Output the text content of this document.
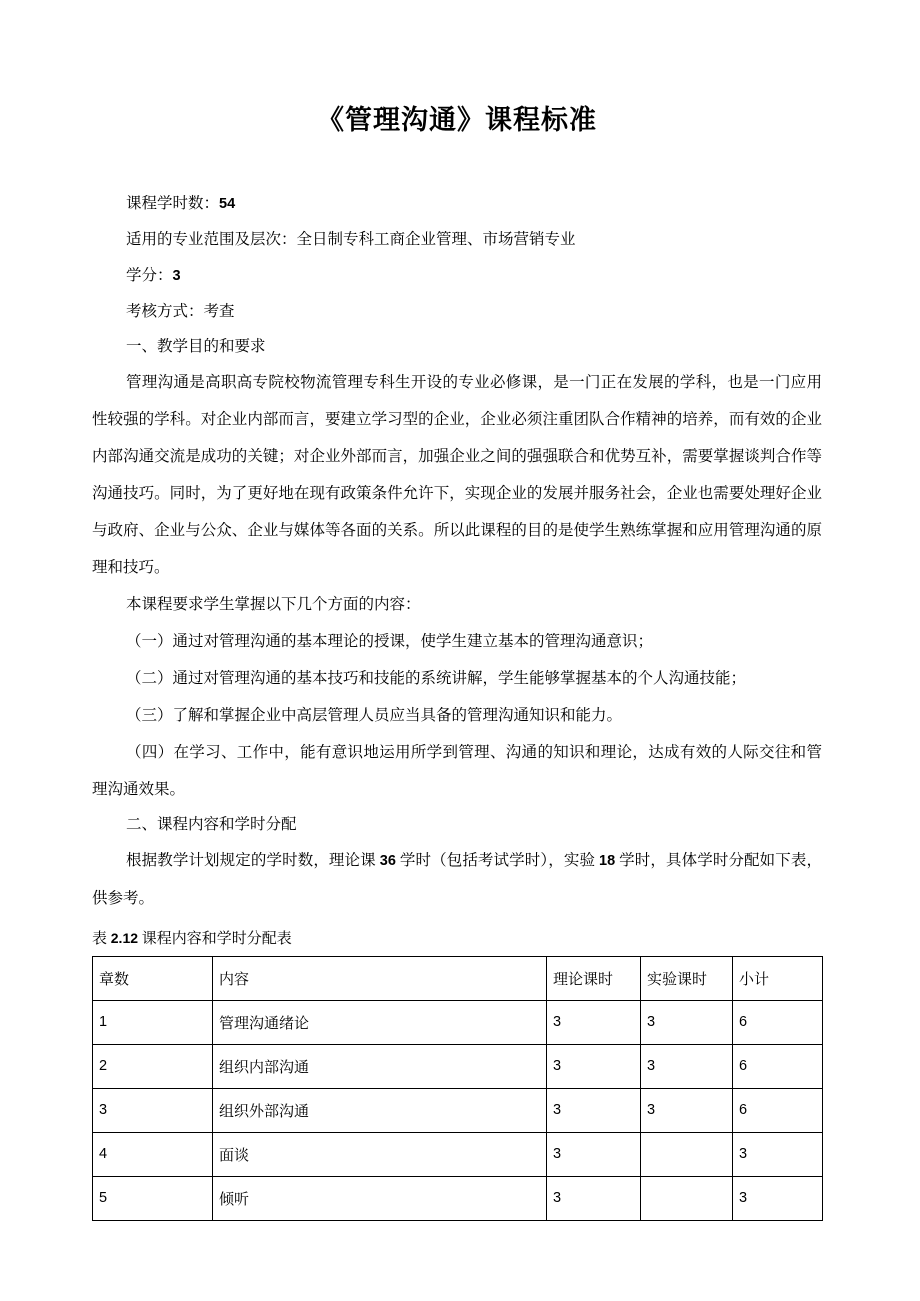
《管理沟通》课程标准
课程学时数：54
适用的专业范围及层次：全日制专科工商企业管理、市场营销专业
学分：3
考核方式：考查
一、教学目的和要求

管理沟通是高职高专院校物流管理专科生开设的专业必修课，是一门正在发展的学科，也是一门应用性较强的学科。对企业内部而言，要建立学习型的企业，企业必须注重团队合作精神的培养，而有效的企业内部沟通交流是成功的关键；对企业外部而言，加强企业之间的强强联合和优势互补，需要掌握谈判合作等沟通技巧。同时，为了更好地在现有政策条件允许下，实现企业的发展并服务社会，企业也需要处理好企业与政府、企业与公众、企业与媒体等各面的关系。所以此课程的目的是使学生熟练掌握和应用管理沟通的原理和技巧。

本课程要求学生掌握以下几个方面的内容：

（一）通过对管理沟通的基本理论的授课，使学生建立基本的管理沟通意识；

（二）通过对管理沟通的基本技巧和技能的系统讲解，学生能够掌握基本的个人沟通技能；

（三）了解和掌握企业中高层管理人员应当具备的管理沟通知识和能力。

（四）在学习、工作中，能有意识地运用所学到管理、沟通的知识和理论，达成有效的人际交往和管理沟通效果。

二、课程内容和学时分配

根据教学计划规定的学时数，理论课 36 学时（包括考试学时），实验 18 学时，具体学时分配如下表，供参考。

表 2.12 课程内容和学时分配表
章数	内容	理论课时	实验课时	小计
1	管理沟通绪论	3	3	6
2	组织内部沟通	3	3	6
3	组织外部沟通	3	3	6
4	面谈	3		3
5	倾听	3		3
